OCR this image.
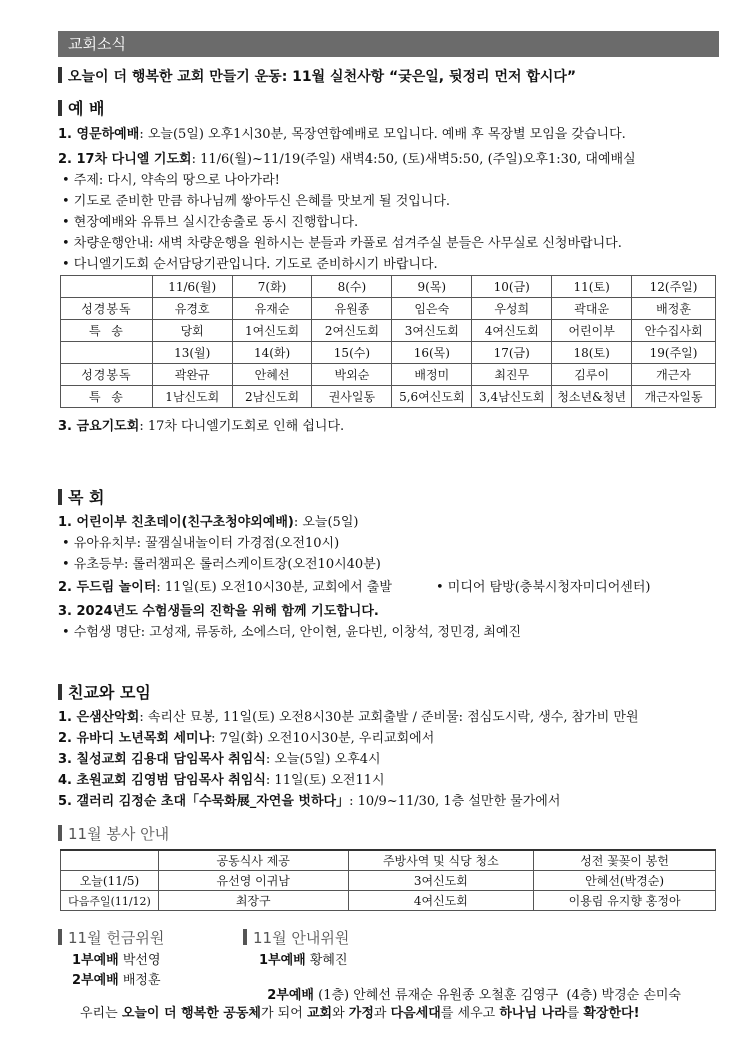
교회소식
오늘이 더 행복한 교회 만들기 운동: 11월 실천사항 “궂은일, 뒷정리 먼저 합시다”
예 배
1. 영문하예배: 오늘(5일) 오후1시30분, 목장연합예배로 모입니다. 예배 후 목장별 모임을 갖습니다.
2. 17차 다니엘 기도회: 11/6(월)~11/19(주일) 새벽4:50, (토)새벽5:50, (주일)오후1:30, 대예배실
• 주제: 다시, 약속의 땅으로 나아가라!
• 기도로 준비한 만큼 하나님께 쌓아두신 은혜를 맛보게 될 것입니다.
• 현장예배와 유튜브 실시간송출로 동시 진행합니다.
• 차량운행안내: 새벽 차량운행을 원하시는 분들과 카풀로 섬겨주실 분들은 사무실로 신청바랍니다.
• 다니엘기도회 순서담당기관입니다. 기도로 준비하시기 바랍니다.
	11/6(월)	7(화)	8(수)	9(목)	10(금)	11(토)	12(주일)
성경봉독	유경호	유재순	유원종	임은숙	우성희	곽대운	배정훈
특  송	당회	1여신도회	2여신도회	3여신도회	4여신도회	어린이부	안수집사회
	13(월)	14(화)	15(수)	16(목)	17(금)	18(토)	19(주일)
성경봉독	곽완규	안혜선	박외순	배정미	최진무	김루이	개근자
특  송	1남신도회	2남신도회	권사일동	5,6여신도회	3,4남신도회	청소년&청년	개근자일동
3. 금요기도회: 17차 다니엘기도회로 인해 쉽니다.
목 회
1. 어린이부 친초데이(친구초청야외예배): 오늘(5일)
• 유아유치부: 꿀잼실내놀이터 가경점(오전10시)
• 유초등부: 롤러챔피온 롤러스케이트장(오전10시40분)
2. 두드림 놀이터: 11일(토) 오전10시30분, 교회에서 출발	• 미디어 탐방(충북시청자미디어센터)
3. 2024년도 수험생들의 진학을 위해 함께 기도합니다.
• 수험생 명단: 고성재, 류동하, 소에스더, 안이현, 윤다빈, 이창석, 정민경, 최예진
친교와 모임
1. 은샘산악회: 속리산 묘봉, 11일(토) 오전8시30분 교회출발 / 준비물: 점심도시락, 생수, 참가비 만원
2. 유바디 노년목회 세미나: 7일(화) 오전10시30분, 우리교회에서
3. 칠성교회 김용대 담임목사 취임식: 오늘(5일) 오후4시
4. 초원교회 김영범 담임목사 취임식: 11일(토) 오전11시
5. 갤러리 김정순 초대「수묵화展_자연을 벗하다」: 10/9~11/30, 1층 설만한 물가에서
11월 봉사 안내
	공동식사 제공	주방사역 및 식당 청소	성전 꽃꽂이 봉헌
오늘(11/5)	유선영 이귀남	3여신도회	안혜선(박경순)
다음주일(11/12)	최장구	4여신도회	이용림 유지향 홍정아
11월 헌금위원
1부예배 박선영
2부예배 배정훈
11월 안내위원
1부예배 황혜진

2부예배 (1층) 안혜선 류재순 유원종 오철훈 김영구  (4층) 박경순 손미숙

우리는 오늘이 더 행복한 공동체가 되어 교회와 가정과 다음세대를 세우고 하나님 나라를 확장한다!
